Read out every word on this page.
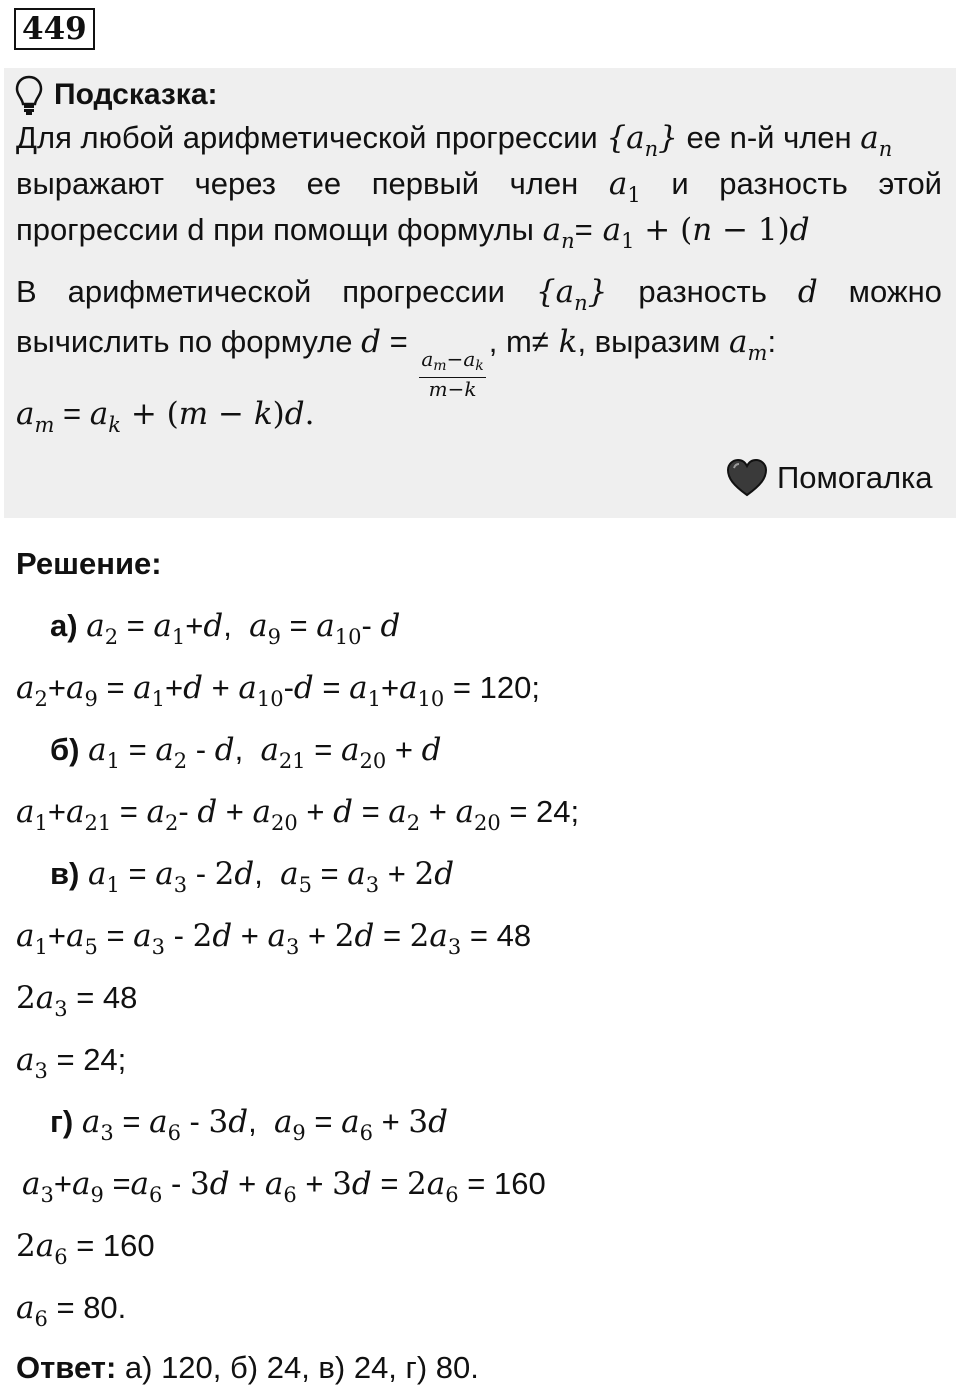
449
Подсказка:
Для любой арифметической прогрессии $\{a_n\}$ ее n-й член $a_n$
выражают через ее первый член $a_1$ и разность этой
прогрессии d при помощи формулы $a_n= a_1 + (n - 1)d$
В арифметической прогрессии $\{a_n\}$ разность d можно
вычислить по формуле d =
$\frac{a_m-a_k}{m-k}$
, m≠ k, выразим $a_m$:
$a_m = a_k + (m - k)d$.
Помогалка
Решение:
а) $a_2 = a_1+d$,  $a_9 = a_{10}-$ d
$a_2+a_9 = a_1+d + a_{10}-d = a_1+a_{10} = 120$;
б) $a_1 = a_2 - d$,  $a_{21} = a_{20} + d$
$a_1+a_{21} = a_2-$ $d + a_{20} + d = a_2 + a_{20} = 24$;
в) $a_1 = a_3 - 2d$,  $a_5 = a_3 + 2d$
$a_1+a_5 = a_3 - 2d + a_3 + 2d = 2a_3 = 48$
$2a_3 = 48$
$a_3 = 24$;
г) $a_3 = a_6 - 3d$,  $a_9 = a_6 + 3d$
$a_3+a_9 =a_6 - 3d + a_6 + 3d = 2a_6 = 160$
$2a_6 = 160$
$a_6 = 80$.
Ответ: а) 120, б) 24, в) 24, г) 80.
